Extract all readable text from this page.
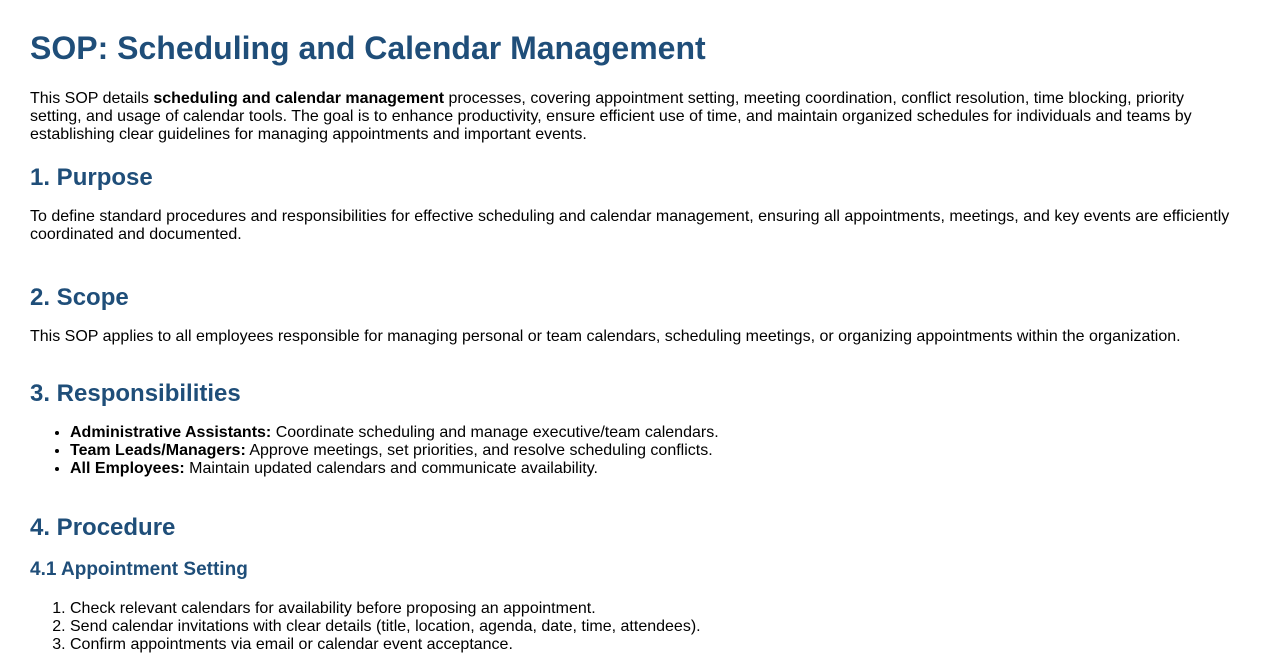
SOP: Scheduling and Calendar Management

This SOP details scheduling and calendar management processes, covering appointment setting, meeting coordination, conflict resolution, time blocking, priority setting, and usage of calendar tools. The goal is to enhance productivity, ensure efficient use of time, and maintain organized schedules for individuals and teams by establishing clear guidelines for managing appointments and important events.

1. Purpose

To define standard procedures and responsibilities for effective scheduling and calendar management, ensuring all appointments, meetings, and key events are efficiently coordinated and documented.

2. Scope

This SOP applies to all employees responsible for managing personal or team calendars, scheduling meetings, or organizing appointments within the organization.

3. Responsibilities
• Administrative Assistants: Coordinate scheduling and manage executive/team calendars.
• Team Leads/Managers: Approve meetings, set priorities, and resolve scheduling conflicts.
• All Employees: Maintain updated calendars and communicate availability.
4. Procedure
4.1 Appointment Setting
1. Check relevant calendars for availability before proposing an appointment.
2. Send calendar invitations with clear details (title, location, agenda, date, time, attendees).
3. Confirm appointments via email or calendar event acceptance.
